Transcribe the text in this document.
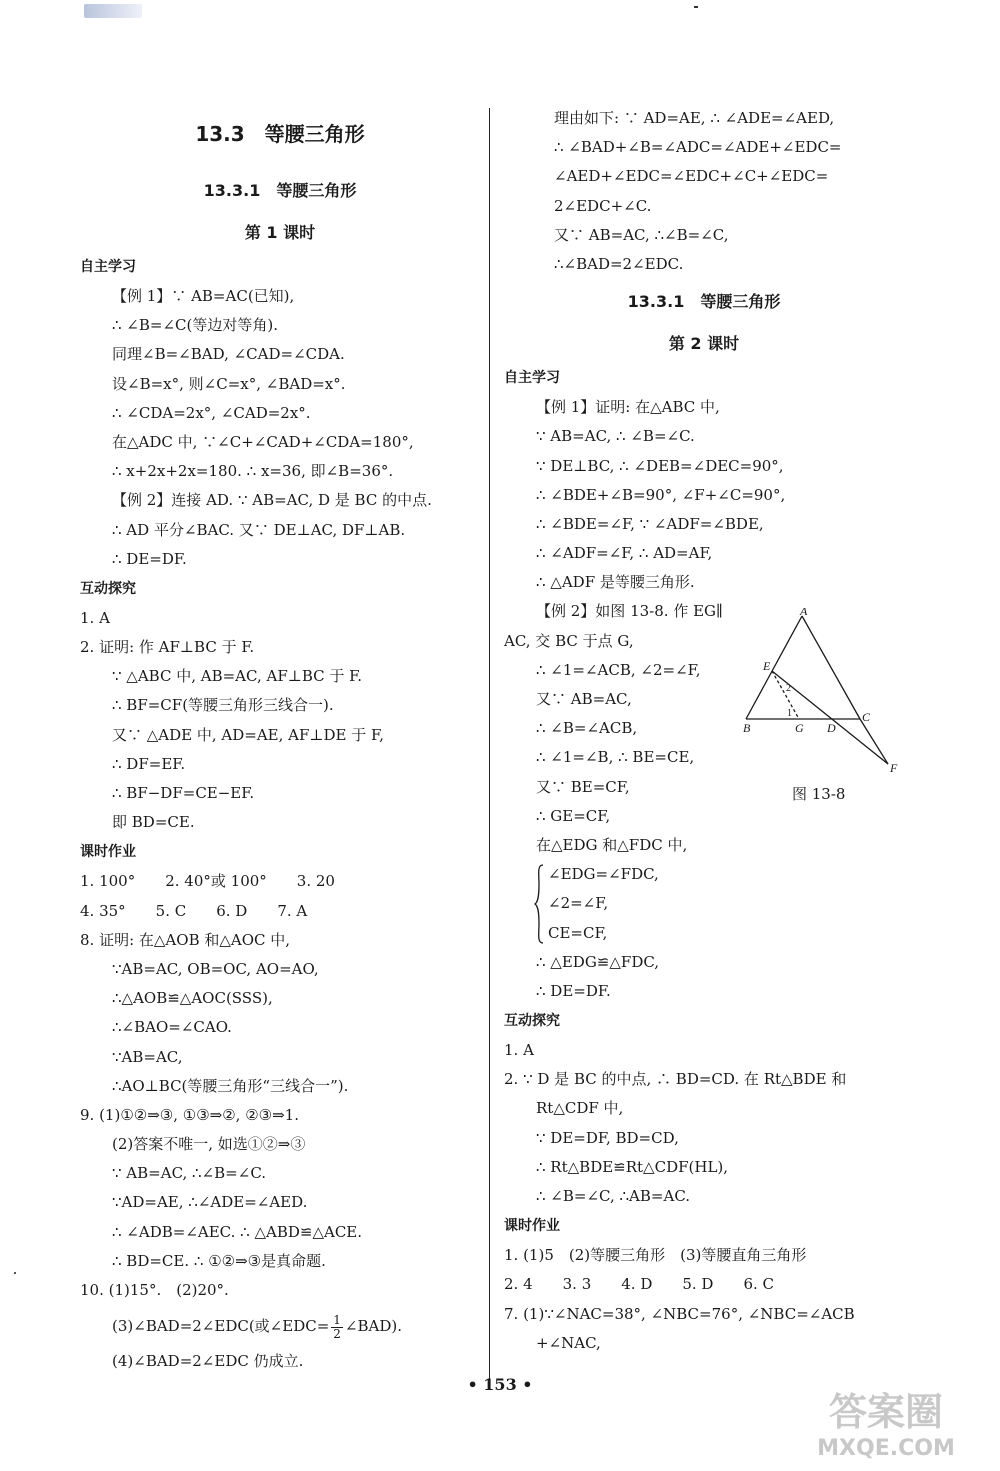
13.3　等腰三角形
13.3.1　等腰三角形
第 1 课时
自主学习
【例 1】∵ AB=AC(已知),
∴ ∠B=∠C(等边对等角).
同理∠B=∠BAD, ∠CAD=∠CDA.
设∠B=x°, 则∠C=x°, ∠BAD=x°.
∴ ∠CDA=2x°, ∠CAD=2x°.
在△ADC 中, ∵∠C+∠CAD+∠CDA=180°,
∴ x+2x+2x=180. ∴ x=36, 即∠B=36°.
【例 2】连接 AD. ∵ AB=AC, D 是 BC 的中点.
∴ AD 平分∠BAC. 又∵ DE⊥AC, DF⊥AB.
∴ DE=DF.
互动探究
1. A
2. 证明: 作 AF⊥BC 于 F.
∵ △ABC 中, AB=AC, AF⊥BC 于 F.
∴ BF=CF(等腰三角形三线合一).
又∵ △ADE 中, AD=AE, AF⊥DE 于 F,
∴ DF=EF.
∴ BF−DF=CE−EF.
即 BD=CE.
课时作业
1. 100°　　2. 40°或 100°　　3. 20
4. 35°　　5. C　　6. D　　7. A
8. 证明: 在△AOB 和△AOC 中,
∵AB=AC, OB=OC, AO=AO,
∴△AOB≌△AOC(SSS),
∴∠BAO=∠CAO.
∵AB=AC,
∴AO⊥BC(等腰三角形“三线合一”).
9. (1)①②⇒③, ①③⇒②, ②③⇒1.
(2)答案不唯一, 如选①②⇒③
∵ AB=AC, ∴∠B=∠C.
∵AD=AE, ∴∠ADE=∠AED.
∴ ∠ADB=∠AEC. ∴ △ABD≌△ACE.
∴ BD=CE. ∴ ①②⇒③是真命题.
10. (1)15°.　(2)20°.
(3)∠BAD=2∠EDC(或∠EDC= $\frac{1}{2}$ ∠BAD).
(4)∠BAD=2∠EDC 仍成立.
理由如下: ∵ AD=AE, ∴ ∠ADE=∠AED,
∴ ∠BAD+∠B=∠ADC=∠ADE+∠EDC=
∠AED+∠EDC=∠EDC+∠C+∠EDC=
2∠EDC+∠C.
又∵ AB=AC, ∴∠B=∠C,
∴∠BAD=2∠EDC.
13.3.1　等腰三角形
第 2 课时
自主学习
【例 1】证明: 在△ABC 中,
∵ AB=AC, ∴ ∠B=∠C.
∵ DE⊥BC, ∴ ∠DEB=∠DEC=90°,
∴ ∠BDE+∠B=90°, ∠F+∠C=90°,
∴ ∠BDE=∠F, ∵ ∠ADF=∠BDE,
∴ ∠ADF=∠F, ∴ AD=AF,
∴ △ADF 是等腰三角形.
【例 2】如图 13-8. 作 EG∥
AC, 交 BC 于点 G,
∴ ∠1=∠ACB, ∠2=∠F,
又∵ AB=AC,
∴ ∠B=∠ACB,
∴ ∠1=∠B, ∴ BE=CE,
又∵ BE=CF,
∴ GE=CF,
在△EDG 和△FDC 中,
∠EDG=∠FDC,
∠2=∠F,
CE=CF,
∴ △EDG≌△FDC,
∴ DE=DF.
互动探究
1. A
2. ∵ D 是 BC 的中点, ∴ BD=CD. 在 Rt△BDE 和
Rt△CDF 中,
∵ DE=DF, BD=CD,
∴ Rt△BDE≌Rt△CDF(HL),
∴ ∠B=∠C, ∴AB=AC.
课时作业
1. (1)5　(2)等腰三角形　(3)等腰直角三角形
2. 4　　3. 3　　4. D　　5. D　　6. C
7. (1)∵∠NAC=38°, ∠NBC=76°, ∠NBC=∠ACB
+∠NAC,
A
B
C
D
E
F
G
1
2
图 13-8
• 153 •
答案圈
MXQE.COM
